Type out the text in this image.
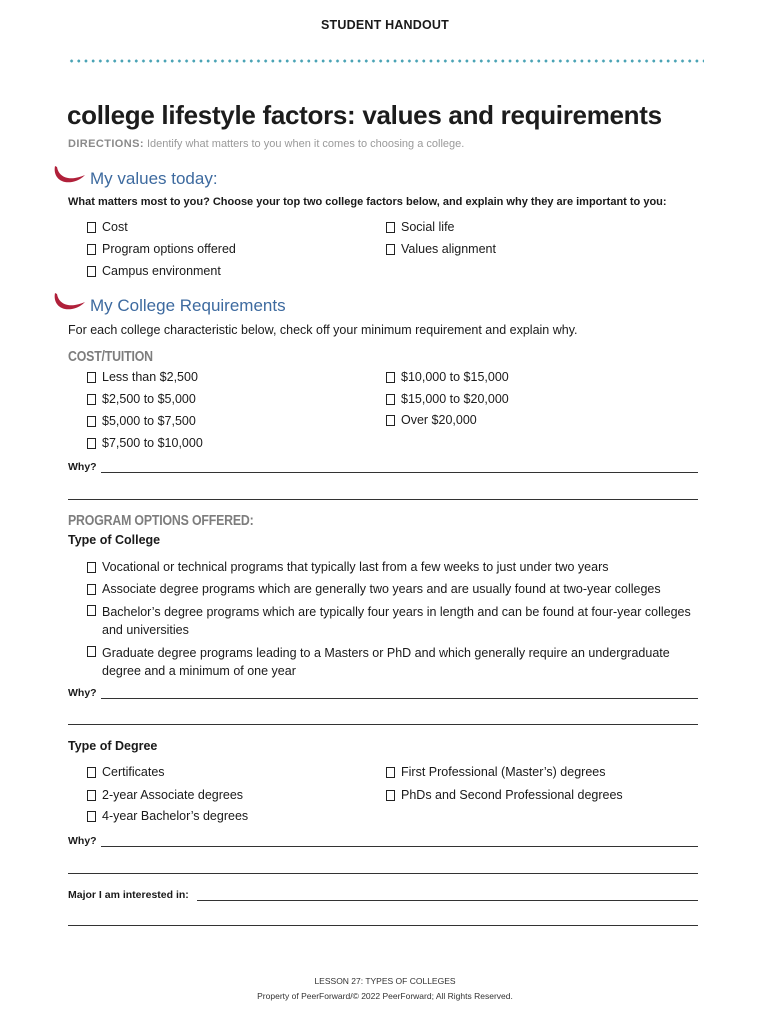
STUDENT HANDOUT
college lifestyle factors: values and requirements
DIRECTIONS: Identify what matters to you when it comes to choosing a college.
My values today:
What matters most to you? Choose your top two college factors below, and explain why they are important to you:
Cost
Program options offered
Campus environment
Social life
Values alignment
My College Requirements
For each college characteristic below, check off your minimum requirement and explain why.
COST/TUITION
Less than $2,500
$2,500 to $5,000
$5,000 to $7,500
$7,500 to $10,000
$10,000 to $15,000
$15,000 to $20,000
Over $20,000
Why?
PROGRAM OPTIONS OFFERED:
Type of College
Vocational or technical programs that typically last from a few weeks to just under two years
Associate degree programs which are generally two years and are usually found at two-year colleges
Bachelor’s degree programs which are typically four years in length and can be found at four-year colleges and universities
Graduate degree programs leading to a Masters or PhD and which generally require an undergraduate degree and a minimum of one year
Why?
Type of Degree
Certificates
2-year Associate degrees
4-year Bachelor’s degrees
First Professional (Master’s) degrees
PhDs and Second Professional degrees
Why?
Major I am interested in:
LESSON 27: TYPES OF COLLEGES
Property of PeerForward/© 2022 PeerForward; All Rights Reserved.
